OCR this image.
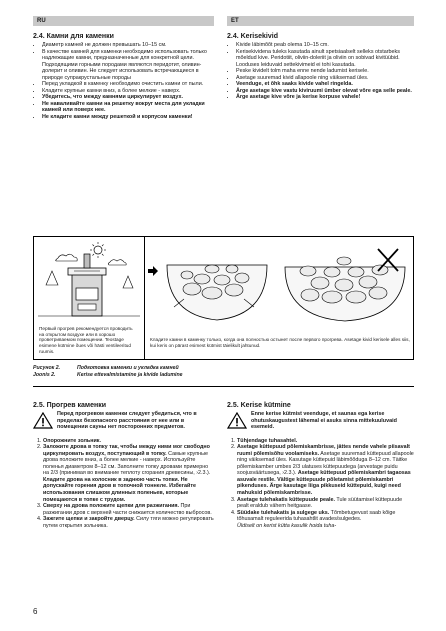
RU	ET
2.4. Камни для каменки
• Диаметр камней не должен превышать 10–15 см.
• В качестве камней для каменки необходимо использовать только надлежащие камни, предназначенные для конкретной цели. Подходящими горными породами являются перидотит, оливин-долерит и оливин. Не следует использовать встречающиеся в природе супракрустальные породы
• Перед укладкой в каменку необходимо очистить камни от пыли.
• Кладите крупные камни вниз, а более мелкие - наверх.
• Убедитесь, что между камнями циркулирует воздух.
• Не наваливайте камни на решетку вокруг места для укладки камней или поверх нее.
• Не кладите камни между решеткой и корпусом каменки!
2.4. Kerisekivid
• Kivide läbimõõt peab olema 10–15 cm.
• Kerisekividena tuleks kasutada ainult spetsiaalselt selleks otstarbeks mõeldud kive. Peridotiit, oliviin-doleriit ja oliviin on sobivad kivitüübid. Looduses leiduvaid settekivimeid ei tohi kasutada.
• Peske kividelt tolm maha enne nende ladumist kerisele.
• Asetage suuremad kivid allapoole ning väiksemad üles.
• Veenduge, et õhk saaks kivide vahel ringelda.
• Ärge asetage kive vastu kiviruumi ümber olevat võre ega selle peale.
• Ärge asetage kive võre ja kerise korpuse vahele!
Первый прогрев рекомендуется проводить на открытом воздухе или в хорошо проветриваемом помещении. Teostage esimene kütmine õues või hästi ventileeritud ruumis.
Кладите камни в каменку только, когда она полностью остынет после первого прогрева. Asetage kivid kerisele alles siis, kui keris on pärast esimest kütmist täielikult jahtunud.
Рисунок 2.	Подготовка каменки и укладка камней
Joonis 2.	Kerise ettevalmistamine ja kivide ladumine
2.5. Прогрев каменки
Перед прогревом каменки следует убедиться, что в пределах безопасного расстояния от нее или в помещении сауны нет посторонних предметов.
1. Опорожните зольник.
2. Заложите дрова в топку так, чтобы между ними мог свободно циркулировать воздух, поступающий в топку. Самые крупные дрова положите вниз, а более мелкие - наверх. Используйте поленья диаметром 8–12 см. Заполните топку дровами примерно на 2/3 (принимая во внимание теплоту сгорания древесины, ›2.3.). Кладите дрова на колосник в заднюю часть топки. Не допускайте горения дров в топочной тоннеле. Избегайте использования слишком длинных поленьев, которые помещаются в топке с трудом.
3. Сверху на дрова положите щепки для разжигания. При разжигании дров с верхней части снижается количество выбросов.
4. Зажгите щепки и закройте дверцу. Силу тяги можно регулировать путем открытия зольника.
2.5. Kerise kütmine
Enne kerise kütmist veenduge, et saunas ega kerise ohutuskaugustest lähemal ei asuks sinna mittekuuluvaid esemeid.
1. Tühjendage tuhasahtel.
2. Asetage küttepuud põlemiskambrisse, jättes nende vahele piisavalt ruumi põlemisõhu voolamiseks. Asetage suuremad küttepuud allapoole ning väiksemad üles. Kasutage küttepuid läbimõõduga 8–12 cm. Täitke põlemiskamber umbes 2/3 ulatuses küttepuudega (arvestage puidu soojusväärtusega, ›2.3.). Asetage küttepuud põlemiskambri tagaosas asuvale restile. Vältige küttepuude põletamist põlemiskambri pikenduses. Ärge kasutage liiga pikkuseid küttepuid, kuigi need mahuksid põlemiskambrisse.
3. Asetage tulehakatis küttepuude peale. Tule süütamisel küttepuude pealt eraldub vähem heitgaase.
4. Süüdake tulehakatis ja sulgege uks. Tõmbetugevust saab kõige tõhusamalt reguleerida tuhasahtlit avades/sulgedes.
Üldiselt on kerist kütta kasulik hoida tuha-
6
